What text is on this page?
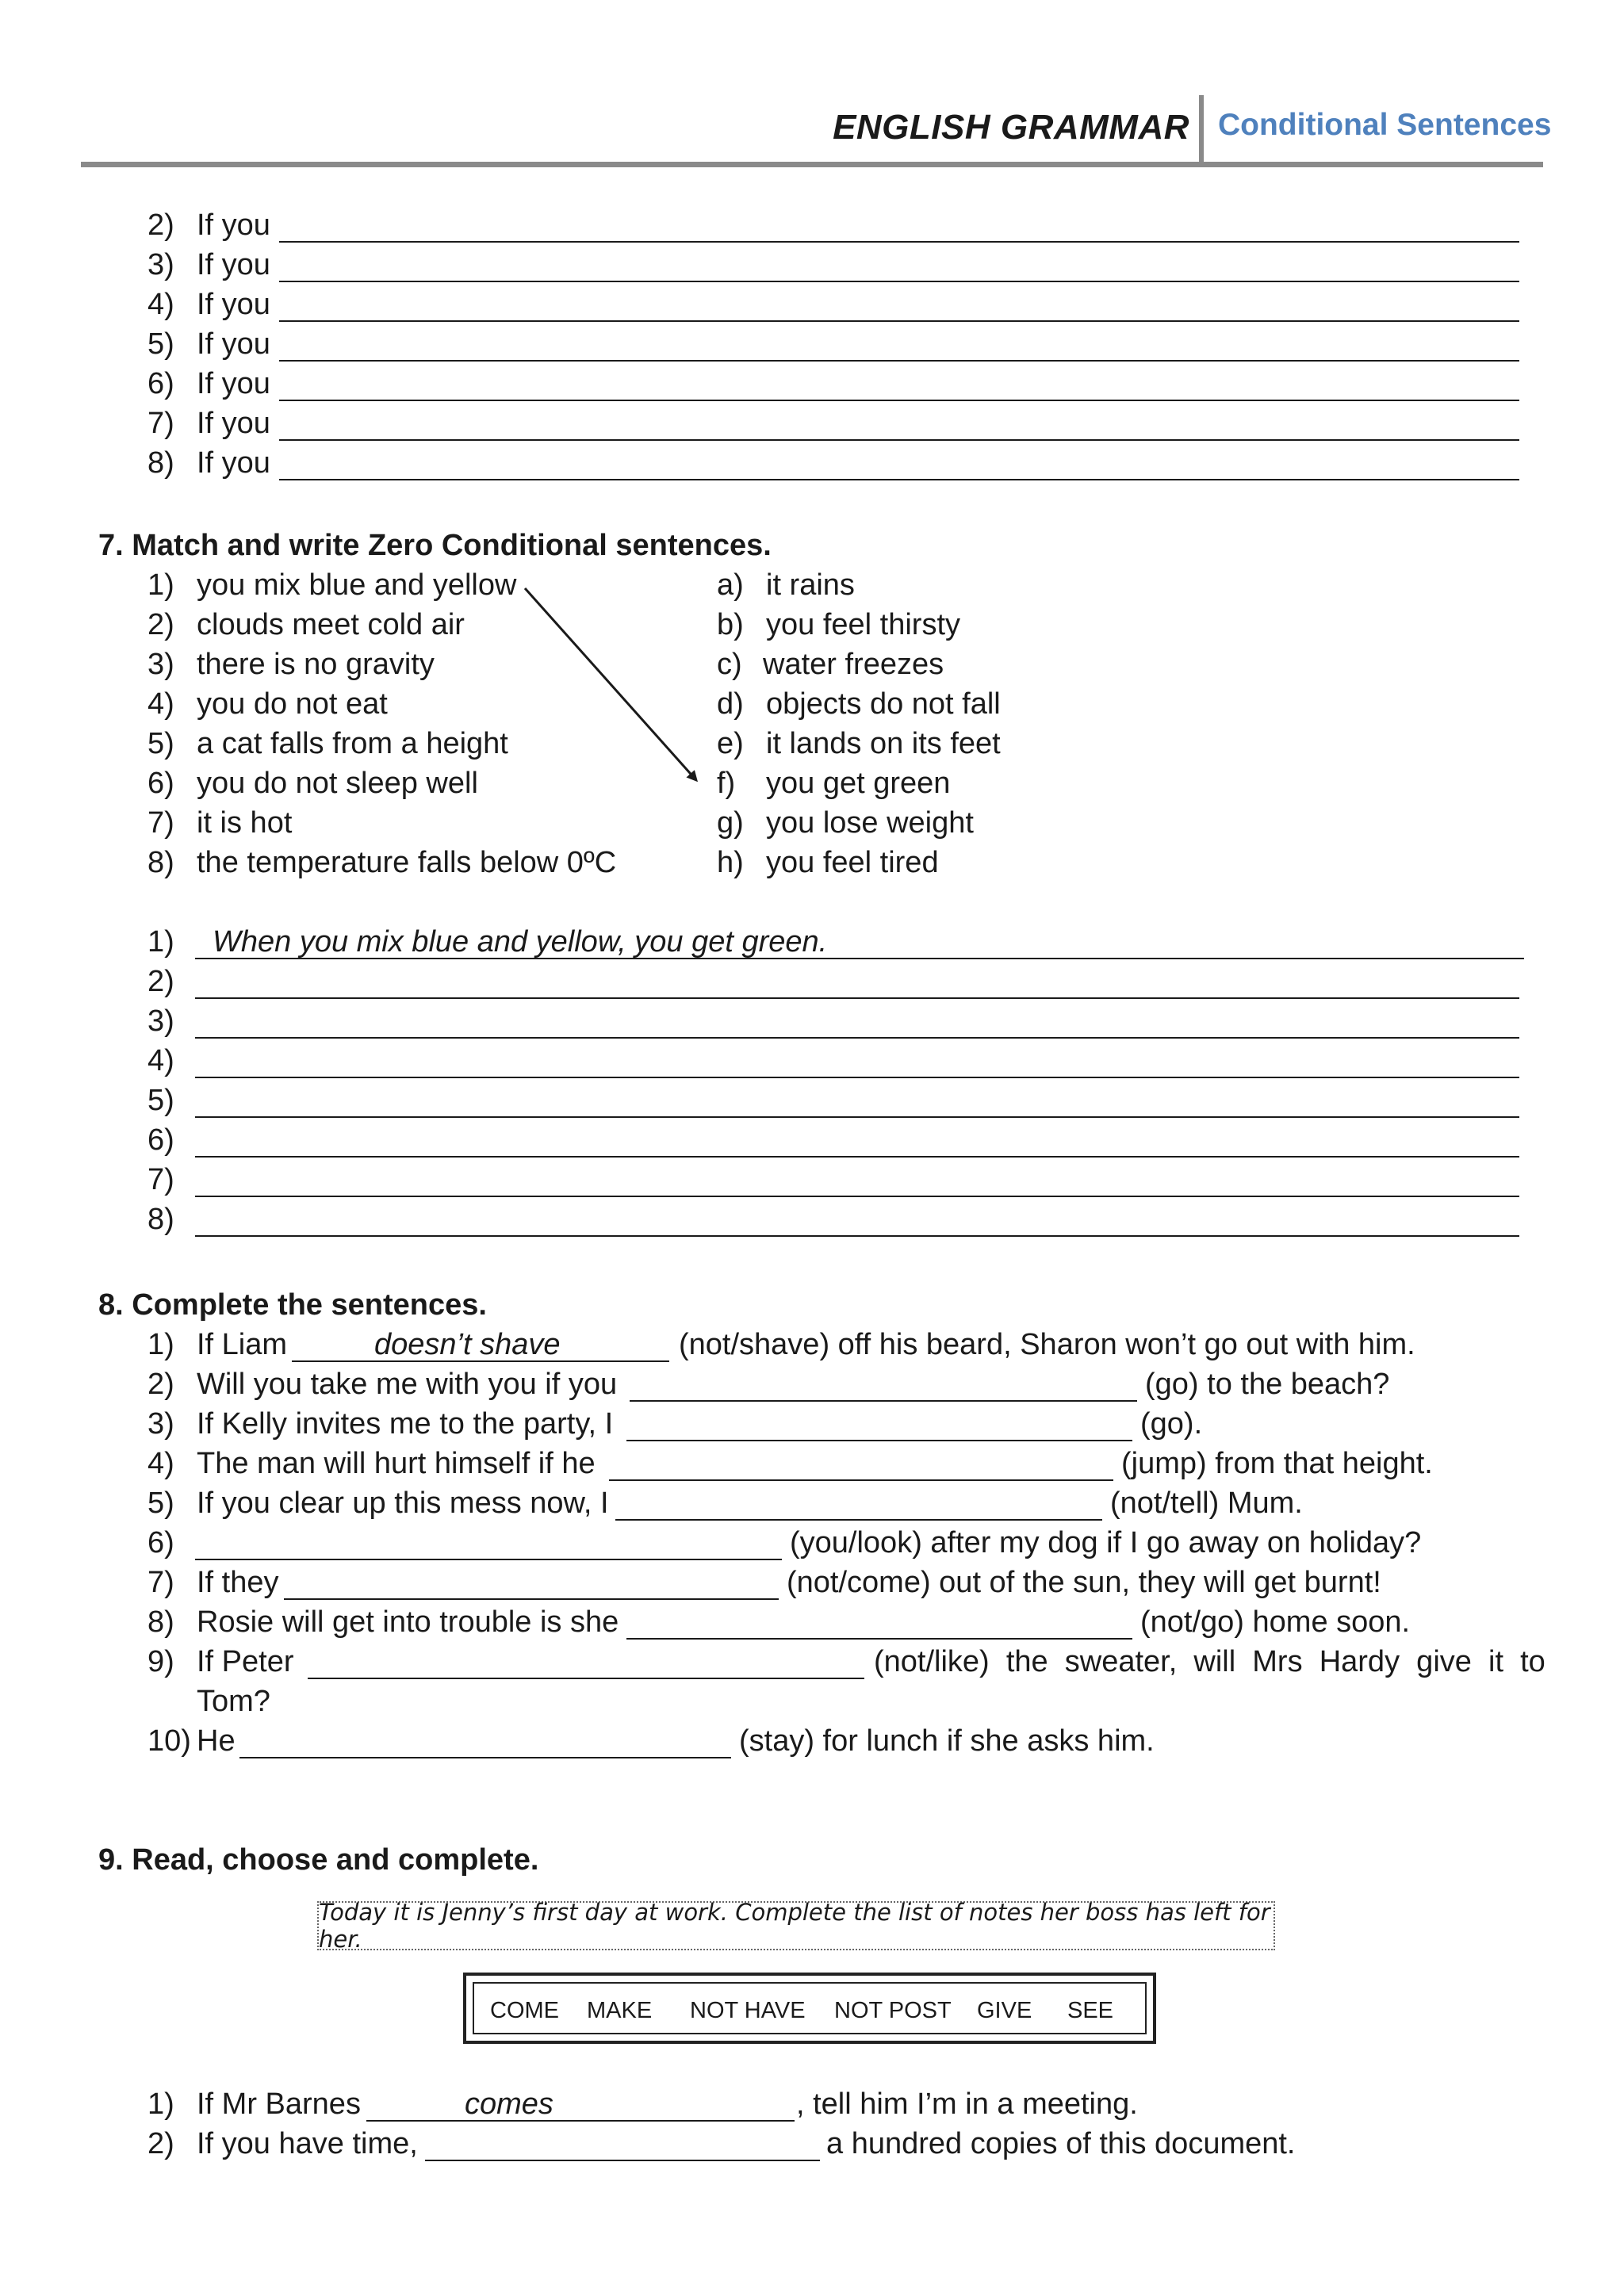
ENGLISH GRAMMAR Conditional Sentences
2) If you
3) If you
4) If you
5) If you
6) If you
7) If you
8) If you
7. Match and write Zero Conditional sentences.
1) you mix blue and yellow
2) clouds meet cold air
3) there is no gravity
4) you do not eat
5) a cat falls from a height
6) you do not sleep well
7) it is hot
8) the temperature falls below 0ºC
a) it rains
b) you feel thirsty
c) water freezes
d) objects do not fall
e) it lands on its feet
f) you get green
g) you lose weight
h) you feel tired
1) When you mix blue and yellow, you get green.
2)
3)
4)
5)
6)
7)
8)
8. Complete the sentences.
1) If Liam	doesn’t shave	(not/shave) off his beard, Sharon won’t go out with him.
2) Will you take me with you if you	(go) to the beach?
3) If Kelly invites me to the party, I	(go).
4) The man will hurt himself if he	(jump) from that height.
5) If you clear up this mess now, I	(not/tell) Mum.
6)	(you/look) after my dog if I go away on holiday?
7) If they	(not/come) out of the sun, they will get burnt!
8) Rosie will get into trouble is she	(not/go) home soon.
9) If Peter	(not/like)  the  sweater,  will  Mrs  Hardy  give  it  to
Tom?
10) He	(stay) for lunch if she asks him.
9. Read, choose and complete.
Today it is Jenny’s first day at work. Complete the list of notes her boss has left for her.
COME MAKE NOT HAVE NOT POST GIVE SEE
1) If Mr Barnes	comes	, tell him I’m in a meeting.
2) If you have time,	a hundred copies of this document.
